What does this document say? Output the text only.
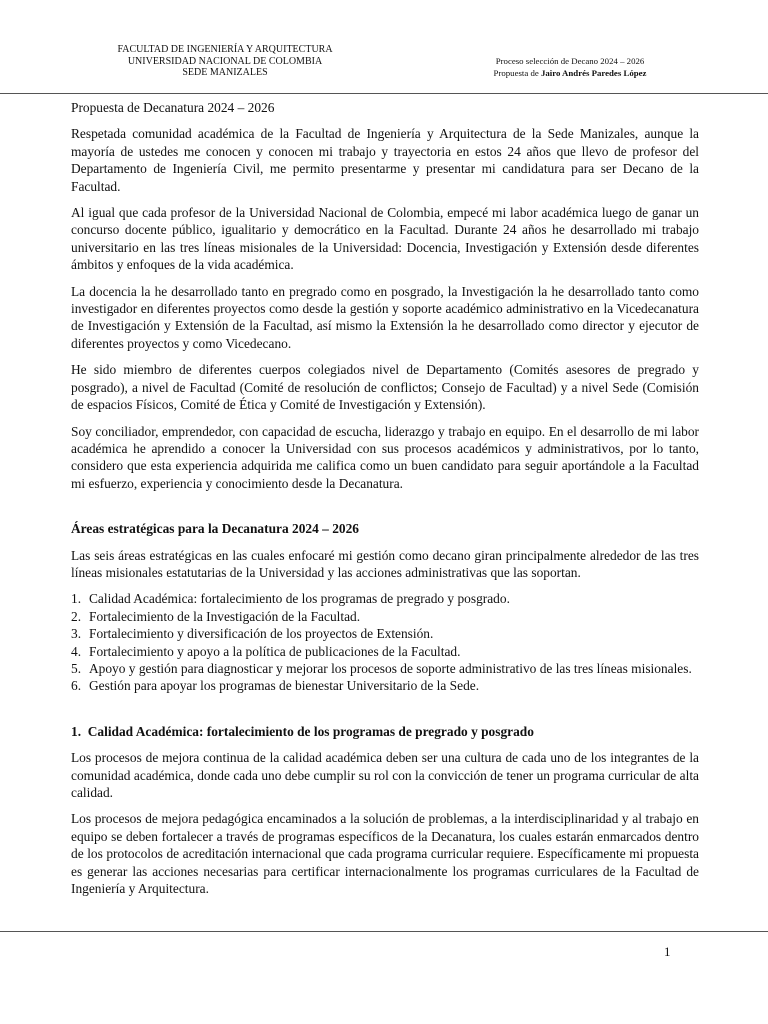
FACULTAD DE INGENIERÍA Y ARQUITECTURA
UNIVERSIDAD NACIONAL DE COLOMBIA
SEDE MANIZALES
Proceso selección de Decano 2024 – 2026
Propuesta de Jairo Andrés Paredes López

Propuesta de Decanatura 2024 – 2026

Respetada comunidad académica de la Facultad de Ingeniería y Arquitectura de la Sede Manizales, aunque la mayoría de ustedes me conocen y conocen mi trabajo y trayectoria en estos 24 años que llevo de profesor del Departamento de Ingeniería Civil, me permito presentarme y presentar mi candidatura para ser Decano de la Facultad.

Al igual que cada profesor de la Universidad Nacional de Colombia, empecé mi labor académica luego de ganar un concurso docente público, igualitario y democrático en la Facultad. Durante 24 años he desarrollado mi trabajo universitario en las tres líneas misionales de la Universidad: Docencia, Investigación y Extensión desde diferentes ámbitos y enfoques de la vida académica.

La docencia la he desarrollado tanto en pregrado como en posgrado, la Investigación la he desarrollado tanto como investigador en diferentes proyectos como desde la gestión y soporte académico administrativo en la Vicedecanatura de Investigación y Extensión de la Facultad, así mismo la Extensión la he desarrollado como director y ejecutor de diferentes proyectos y como Vicedecano.

He sido miembro de diferentes cuerpos colegiados nivel de Departamento (Comités asesores de pregrado y posgrado), a nivel de Facultad (Comité de resolución de conflictos; Consejo de Facultad) y a nivel Sede (Comisión de espacios Físicos, Comité de Ética y Comité de Investigación y Extensión).

Soy conciliador, emprendedor, con capacidad de escucha, liderazgo y trabajo en equipo. En el desarrollo de mi labor académica he aprendido a conocer la Universidad con sus procesos académicos y administrativos, por lo tanto, considero que esta experiencia adquirida me califica como un buen candidato para seguir aportándole a la Facultad mi esfuerzo, experiencia y conocimiento desde la Decanatura.

Áreas estratégicas para la Decanatura 2024 – 2026

Las seis áreas estratégicas en las cuales enfocaré mi gestión como decano giran principalmente alrededor de las tres líneas misionales estatutarias de la Universidad y las acciones administrativas que las soportan.

1. Calidad Académica: fortalecimiento de los programas de pregrado y posgrado.
2. Fortalecimiento de la Investigación de la Facultad.
3. Fortalecimiento y diversificación de los proyectos de Extensión.
4. Fortalecimiento y apoyo a la política de publicaciones de la Facultad.
5. Apoyo y gestión para diagnosticar y mejorar los procesos de soporte administrativo de las tres líneas misionales.
6. Gestión para apoyar los programas de bienestar Universitario de la Sede.

1.  Calidad Académica: fortalecimiento de los programas de pregrado y posgrado

Los procesos de mejora continua de la calidad académica deben ser una cultura de cada uno de los integrantes de la comunidad académica, donde cada uno debe cumplir su rol con la convicción de tener un programa curricular de alta calidad.

Los procesos de mejora pedagógica encaminados a la solución de problemas, a la interdisciplinaridad y al trabajo en equipo se deben fortalecer a través de programas específicos de la Decanatura, los cuales estarán enmarcados dentro de los protocolos de acreditación internacional que cada programa curricular requiere. Específicamente mi propuesta es generar las acciones necesarias para certificar internacionalmente los programas curriculares de la Facultad de Ingeniería y Arquitectura.

1
